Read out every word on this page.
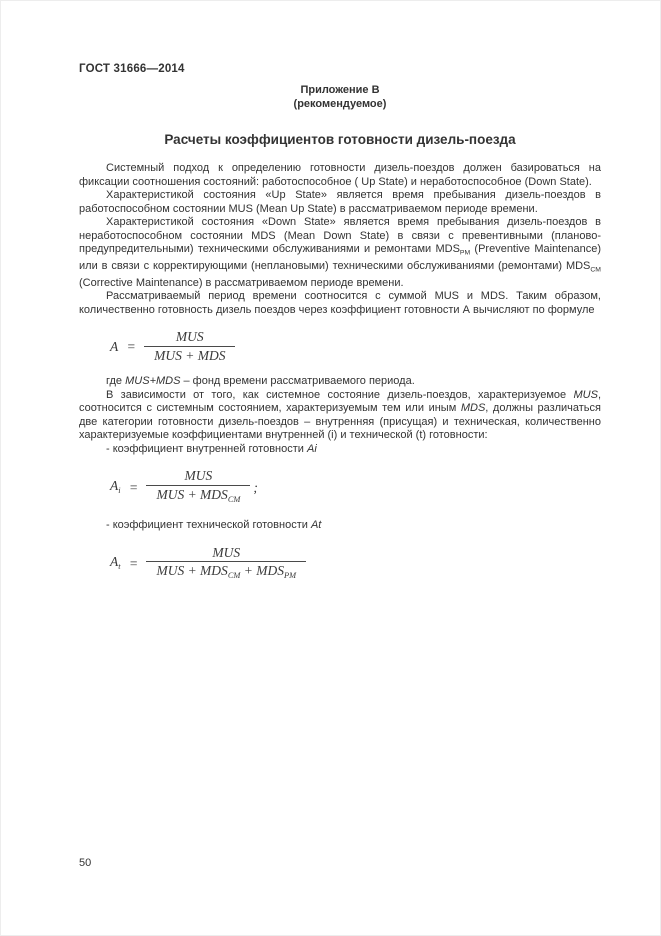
ГОСТ 31666—2014
Приложение В
(рекомендуемое)
Расчеты коэффициентов готовности дизель-поезда

Системный подход к определению готовности дизель-поездов должен базироваться на фиксации соотношения состояний: работоспособное ( Up State) и неработоспособное (Down State).

Характеристикой состояния «Up State» является время пребывания дизель-поездов в работоспособном состоянии MUS (Mean Up State) в рассматриваемом периоде времени.

Характеристикой состояния «Down State» является время пребывания дизель-поездов в неработоспособном состоянии MDS (Mean Down State) в связи с превентивными (планово-предупредительными) техническими обслуживаниями и ремонтами $MDS_{PM}$ (Preventive Maintenance) или в связи с корректирующими (неплановыми) техническими обслуживаниями (ремонтами) $MDS_{CM}$ (Corrective Maintenance) в рассматриваемом периоде времени.

Рассматриваемый период времени соотносится с суммой MUS и MDS. Таким образом, количественно готовность дизель поездов через коэффициент готовности А вычисляют по формуле

$A = \frac{\text{MUS}}{\text{MUS + MDS}}$

где MUS+MDS – фонд времени рассматриваемого периода.

В зависимости от того, как системное состояние дизель-поездов, характеризуемое MUS, соотносится с системным состоянием, характеризуемым тем или иным MDS, должны различаться две категории готовности дизель-поездов – внутренняя (присущая) и техническая, количественно характеризуемые коэффициентами внутренней (i) и технической (t) готовности:

- коэффициент внутренней готовности Ai

$A_i = \frac{\text{MUS}}{MUS + MDS_{CM}}$ ;

- коэффициент технической готовности At

$A_t = \frac{\text{MUS}}{MUS + MDS_{CM} + MDS_{PM}}$
50
